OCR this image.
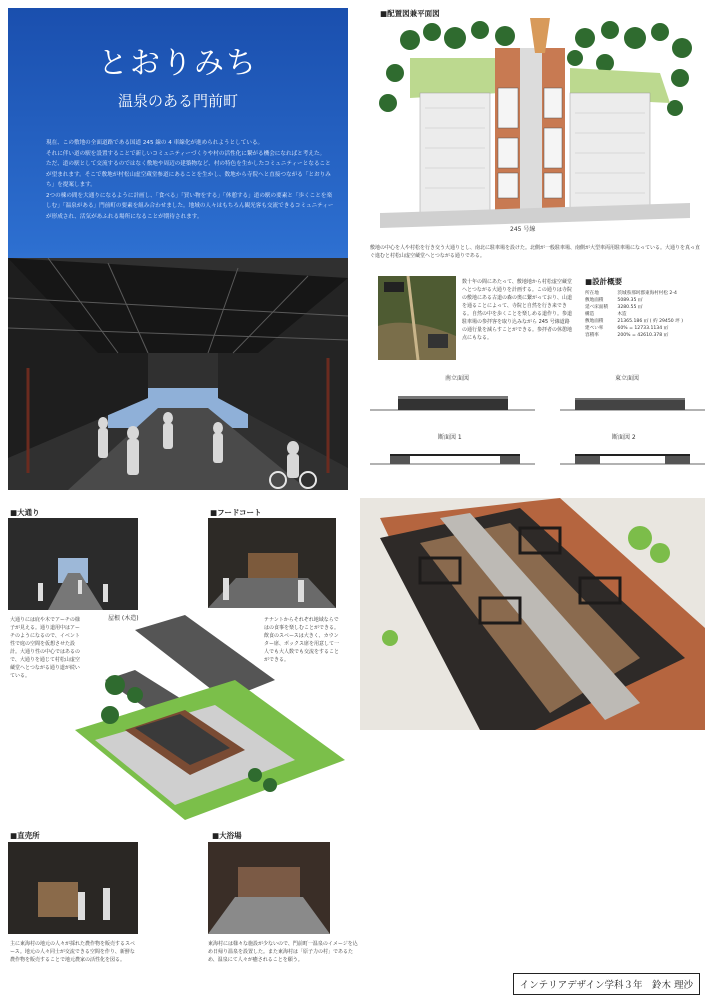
とおりみち
温泉のある門前町
現在、この敷地の全面道路である国道 245 線の 4 車線化が進められようとしている。
それに伴い道の駅を設置することで新しいコミュニティーづくりや村の活性化に繋がる機会になればと考えた。
ただ、道の駅として交流するのではなく敷地や周辺の建築物など、村の特色を生かしたコミュニティーとなることが望まれます。そこで敷地が村松山虚空蔵堂参道にあることを生かし、数地から寺院へと直接つながる「とおりみち」を提案します。
2つの棟の間を大通りになるように計画し、「食べる」「買い物をする」「休憩する」道の駅の要素と「歩くことを楽しむ」「温泉がある」門前町の要素を組み合わせました。地域の人々はもちろん観光客も交流できるコミュニティーが形成され、活気があふれる場所になることが期待されます。
■配置図兼平面図
245 号線
敷地の中心を人や村松を行き交う大通りとし、南北に駐車場を設けた。北側が一般駐車場、南側が大型車両用駐車場になっている。大通りを真っ直ぐ進むと村松山虚空蔵堂へとつながる通りである。
数十年の間にあたって、敷地地から村松虚空蔵堂へとつながる大通りを計画する。この通りは寺院の敷地にある古道の森の奥に繋がっており、山道を通ることによって、寺院と自然を行き来できる。自然の中を歩くことを楽しめる道作り。参道駐車場の参拝客を取り込みながら 245 号線道路の通行量を減らすことができる。参拝者の休憩地点にもなる。
■設計概要
所在地	茨城県那珂郡東海村村松 2-4
敷地面積	5089.35 ㎡
延べ床面積	3280.55 ㎡
構造	木造
敷地面積	21365.186 ㎡ ( 約 29450 坪 )
建ぺい率	60% = 12733.1134 ㎡
容積率	200% = 42610.378 ㎡
南立面図	東立面図
断面図 1	断面図 2
■大通り
大通りには庇や木でアーチの様子が見える。通り道用中はアーチのようになるので、イベント性で庭の空間を仮想させた設計。大通り性の中心ではあるので、大通りを通じて村松山虚空蔵堂へとつながる通り道が続いている。
■フードコート
テナントからそれぞれ地域ならではの食事を楽しむことができる。飲食のスペースは大きく、カウンター席、ボックス席を用意して一人でも大人数でも交流をすることができる。
屋根 (木造)
■直売所
主に東海村の地元の人々が採れた農作物を販売するスペース。地元の人々同士が交流できる空間を作り、新鮮な農作物を販売することで地元農家の活性化を図る。
■大浴場
東海村には様々な施設が少ないので、門前町一温泉のイメージを込め日帰り温泉を設置した。また東海村は「原子力の村」であるため、温泉にて人々が癒されることを願う。
インテリアデザイン学科３年　鈴木 理沙
